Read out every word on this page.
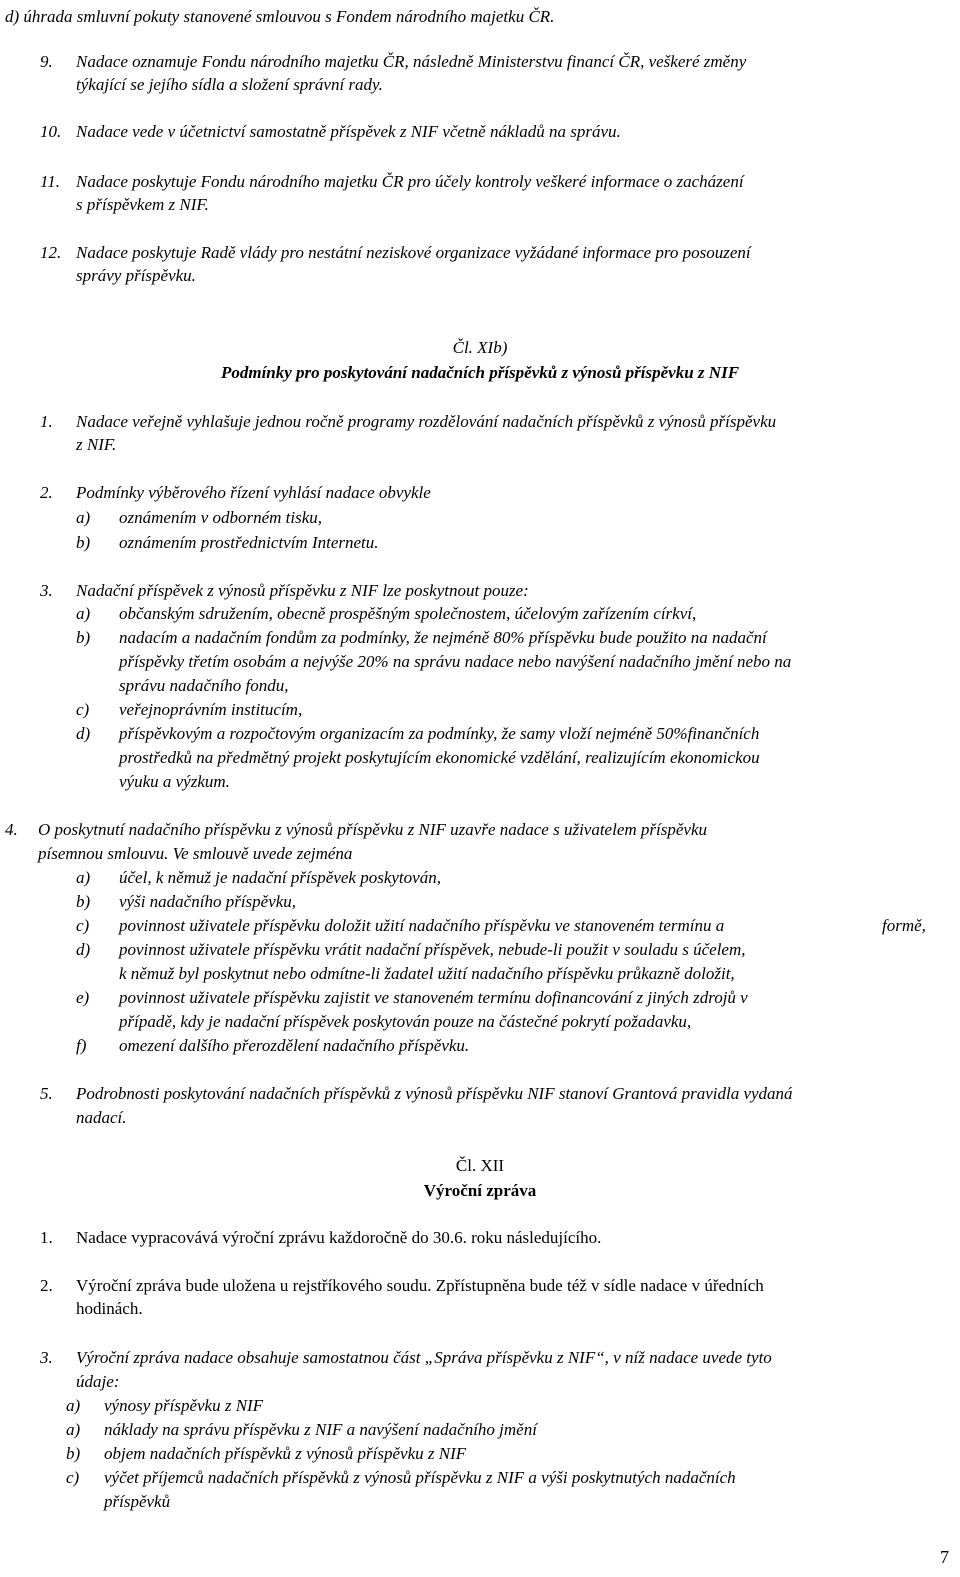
d) úhrada smluvní pokuty stanovené smlouvou s Fondem národního majetku ČR.
9. Nadace oznamuje Fondu národního majetku ČR, následně Ministerstvu financí ČR, veškeré změny
týkající se jejího sídla a složení správní rady.
10. Nadace vede v účetnictví samostatně příspěvek z NIF včetně nákladů na správu.
11. Nadace poskytuje Fondu národního majetku ČR pro účely kontroly veškeré informace o zacházení
s příspěvkem z NIF.
12. Nadace poskytuje Radě vlády pro nestátní neziskové organizace vyžádané informace pro posouzení
správy příspěvku.
Čl. XIb)
Podmínky pro poskytování nadačních příspěvků z výnosů příspěvku z NIF
1. Nadace veřejně vyhlašuje jednou ročně programy rozdělování nadačních příspěvků z výnosů příspěvku
z NIF.
2. Podmínky výběrového řízení vyhlásí nadace obvykle
a) oznámením v odborném tisku,
b) oznámením prostřednictvím Internetu.
3. Nadační příspěvek z výnosů příspěvku z NIF lze poskytnout pouze:
a) občanským sdružením, obecně prospěšným společnostem, účelovým zařízením církví,
b) nadacím a nadačním fondům za podmínky, že nejméně 80% příspěvku bude použito na nadační
příspěvky třetím osobám a nejvýše 20% na správu nadace nebo navýšení nadačního jmění nebo na
správu nadačního fondu,
c) veřejnoprávním institucím,
d) příspěvkovým a rozpočtovým organizacím za podmínky, že samy vloží nejméně 50%finančních
prostředků na předmětný projekt poskytujícím ekonomické vzdělání, realizujícím ekonomickou
výuku a výzkum.
4. O poskytnutí nadačního příspěvku z výnosů příspěvku z NIF uzavře nadace s uživatelem příspěvku
písemnou smlouvu. Ve smlouvě uvede zejména
a) účel, k němuž je nadační příspěvek poskytován,
b) výši nadačního příspěvku,
c) povinnost uživatele příspěvku doložit užití nadačního příspěvku ve stanoveném termínu a	formě,
d) povinnost uživatele příspěvku vrátit nadační příspěvek, nebude-li použit v souladu s účelem,
k němuž byl poskytnut nebo odmítne-li žadatel užití nadačního příspěvku průkazně doložit,
e) povinnost uživatele příspěvku zajistit ve stanoveném termínu dofinancování z jiných zdrojů v
případě, kdy je nadační příspěvek poskytován pouze na částečné pokrytí požadavku,
f) omezení dalšího přerozdělení nadačního příspěvku.
5. Podrobnosti poskytování nadačních příspěvků z výnosů příspěvku NIF stanoví Grantová pravidla vydaná
nadací.
Čl. XII
Výroční zpráva
1. Nadace vypracovává výroční zprávu každoročně do 30.6. roku následujícího.
2. Výroční zpráva bude uložena u rejstříkového soudu. Zpřístupněna bude též v sídle nadace v úředních
hodinách.
3. Výroční zpráva nadace obsahuje samostatnou část „Správa příspěvku z NIF“, v níž nadace uvede tyto
údaje:
a) výnosy příspěvku z NIF
a) náklady na správu příspěvku z NIF a navýšení nadačního jmění
b) objem nadačních příspěvků z výnosů příspěvku z NIF
c) výčet příjemců nadačních příspěvků z výnosů příspěvku z NIF a výši poskytnutých nadačních
příspěvků
7
